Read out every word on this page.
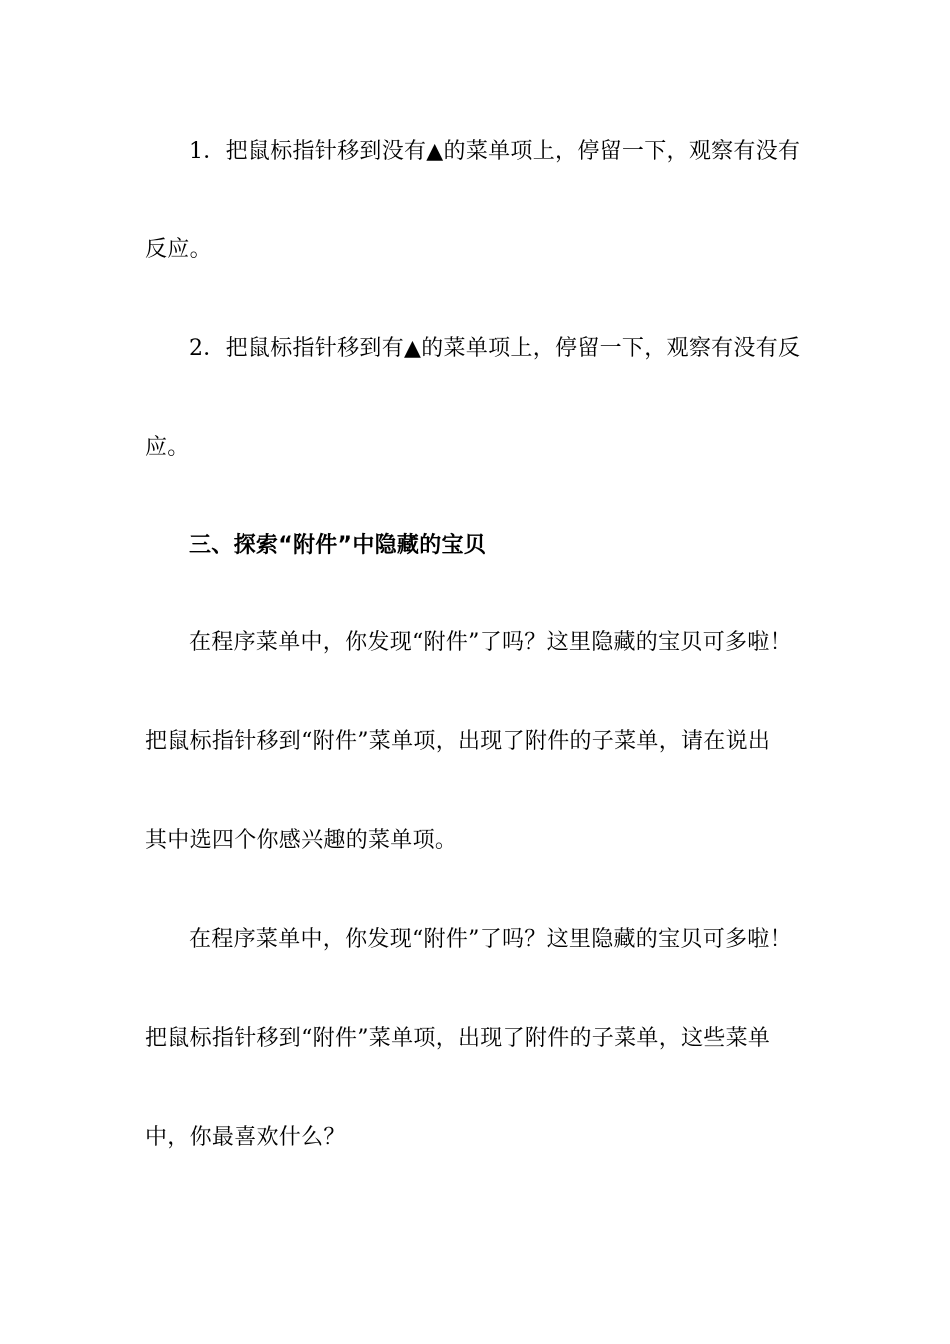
1．把鼠标指针移到没有▲的菜单项上，停留一下，观察有没有
反应。
2．把鼠标指针移到有▲的菜单项上，停留一下，观察有没有反
应。
三、探索“附件”中隐藏的宝贝
在程序菜单中，你发现“附件”了吗？这里隐藏的宝贝可多啦！
把鼠标指针移到“附件”菜单项，出现了附件的子菜单，请在说出
其中选四个你感兴趣的菜单项。
在程序菜单中，你发现“附件”了吗？这里隐藏的宝贝可多啦！
把鼠标指针移到“附件”菜单项，出现了附件的子菜单，这些菜单
中，你最喜欢什么？
